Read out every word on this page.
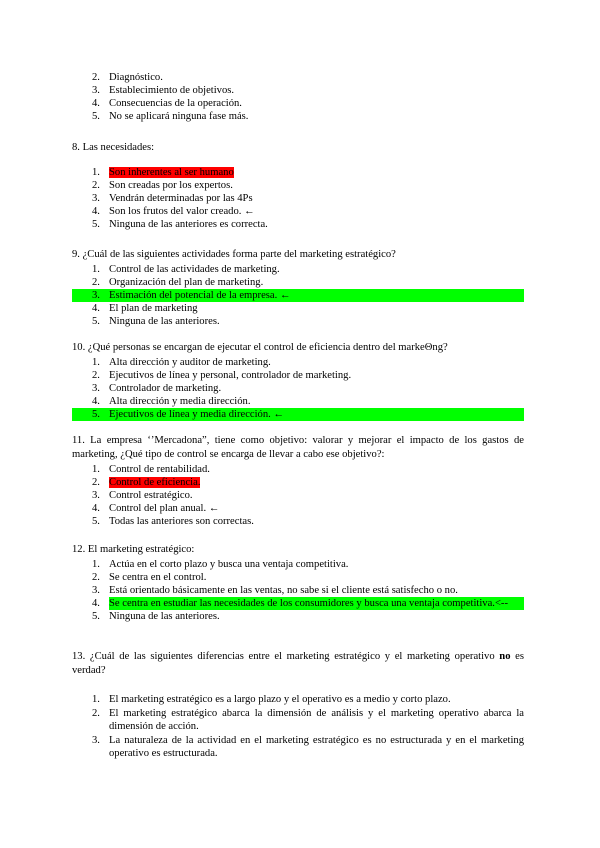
2. Diagnóstico.
3. Establecimiento de objetivos.
4. Consecuencias de la operación.
5. No se aplicará ninguna fase más.
8. Las necesidades:
1. Son inherentes al ser humano
2. Son creadas por los expertos.
3. Vendrán determinadas por las 4Ps
4. Son los frutos del valor creado. ←
5. Ninguna de las anteriores es correcta.
9. ¿Cuál de las siguientes actividades forma parte del marketing estratégico?
1. Control de las actividades de marketing.
2. Organización del plan de marketing.
3. Estimación del potencial de la empresa. ←
4. El plan de marketing
5. Ninguna de las anteriores.
10. ¿Qué personas se encargan de ejecutar el control de eficiencia dentro del markeΘng?
1. Alta dirección y auditor de marketing.
2. Ejecutivos de línea y personal, controlador de marketing.
3. Controlador de marketing.
4. Alta dirección y media dirección.
5. Ejecutivos de línea y media dirección. ←
11. La empresa ‘’Mercadona”, tiene como objetivo: valorar y mejorar el impacto de los gastos de marketing, ¿Qué tipo de control se encarga de llevar a cabo ese objetivo?:
1. Control de rentabilidad.
2. Control de eficiencia.
3. Control estratégico.
4. Control del plan anual. ←
5. Todas las anteriores son correctas.
12. El marketing estratégico:
1. Actúa en el corto plazo y busca una ventaja competitiva.
2. Se centra en el control.
3. Está orientado básicamente en las ventas, no sabe si el cliente está satisfecho o no.
4. Se centra en estudiar las necesidades de los consumidores y busca una ventaja competitiva.<--
5. Ninguna de las anteriores.
13. ¿Cuál de las siguientes diferencias entre el marketing estratégico y el marketing operativo no es verdad?
1. El marketing estratégico es a largo plazo y el operativo es a medio y corto plazo.
2. El marketing estratégico abarca la dimensión de análisis y el marketing operativo abarca la dimensión de acción.
3. La naturaleza de la actividad en el marketing estratégico es no estructurada y en el marketing operativo es estructurada.
